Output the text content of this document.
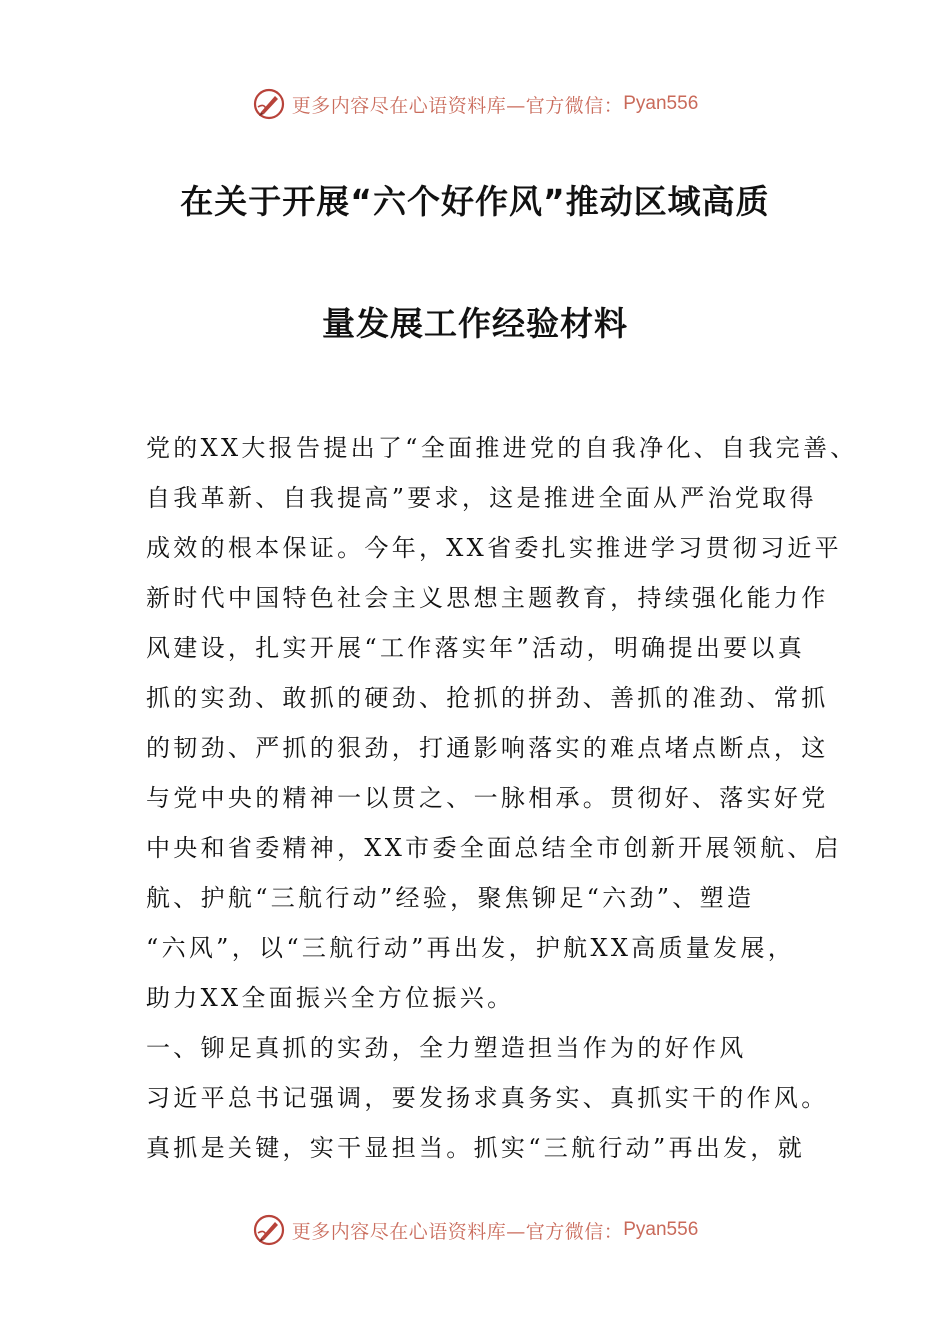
更多内容尽在心语资料库—官方微信： Pyan556
在关于开展“六个好作风”推动区域高质
量发展工作经验材料
党的XX大报告提出了“全面推进党的自我净化、自我完善、
自我革新、自我提高”要求，这是推进全面从严治党取得
成效的根本保证。今年，XX省委扎实推进学习贯彻习近平
新时代中国特色社会主义思想主题教育，持续强化能力作
风建设，扎实开展“工作落实年”活动，明确提出要以真
抓的实劲、敢抓的硬劲、抢抓的拼劲、善抓的准劲、常抓
的韧劲、严抓的狠劲，打通影响落实的难点堵点断点，这
与党中央的精神一以贯之、一脉相承。贯彻好、落实好党
中央和省委精神，XX市委全面总结全市创新开展领航、启
航、护航“三航行动”经验，聚焦铆足“六劲”、塑造
“六风”，以“三航行动”再出发，护航XX高质量发展，
助力XX全面振兴全方位振兴。
一、铆足真抓的实劲，全力塑造担当作为的好作风
习近平总书记强调，要发扬求真务实、真抓实干的作风。
真抓是关键，实干显担当。抓实“三航行动”再出发，就
更多内容尽在心语资料库—官方微信： Pyan556
